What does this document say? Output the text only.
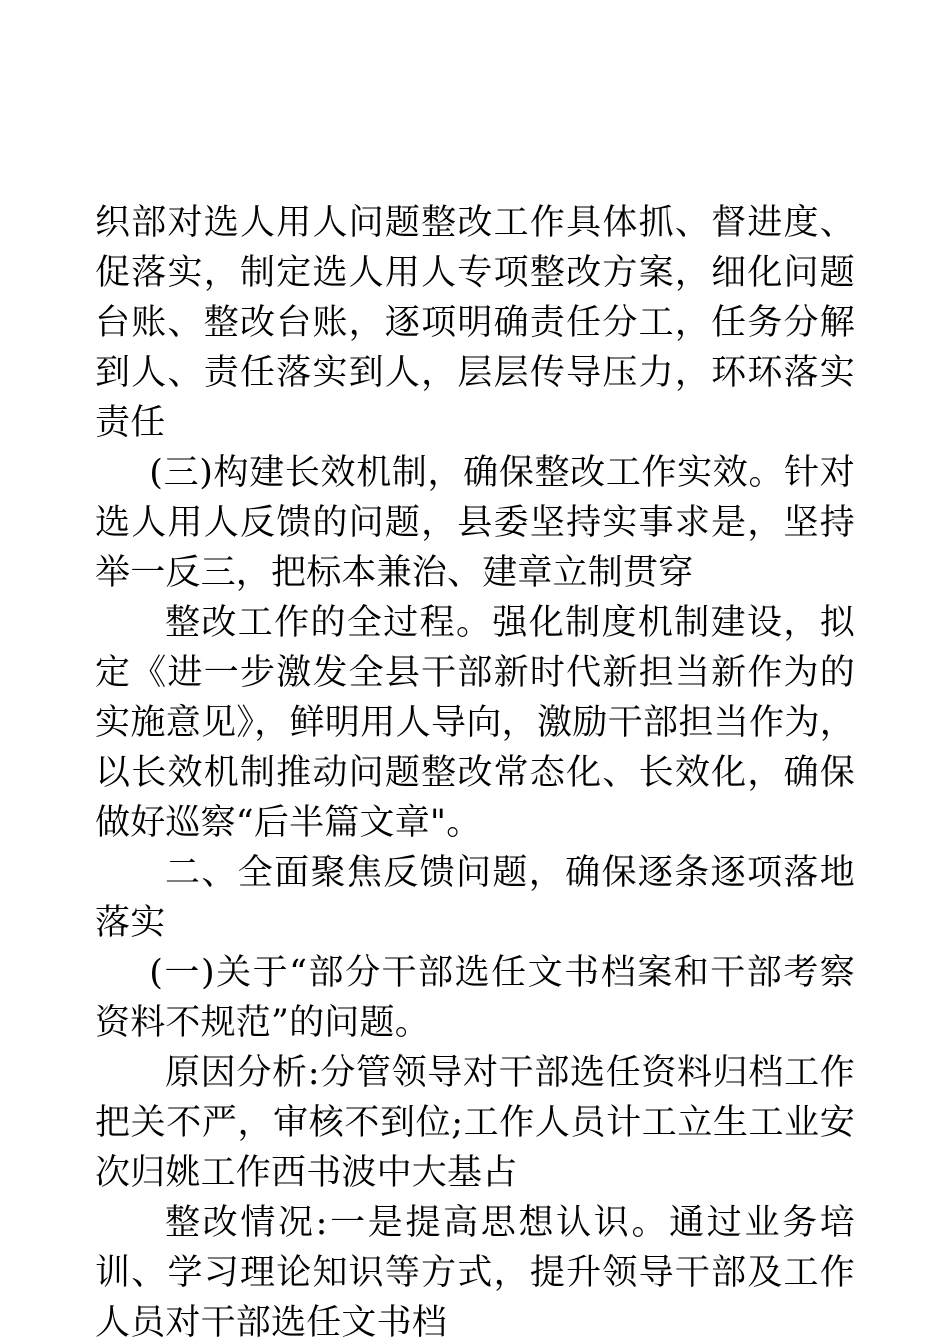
织部对选人用人问题整改工作具体抓、督进度、促落实，制定选人用人专项整改方案，细化问题台账、整改台账，逐项明确责任分工，任务分解到人、责任落实到人，层层传导压力，环环落实责任

(三)构建长效机制，确保整改工作实效。针对选人用人反馈的问题，县委坚持实事求是，坚持举一反三，把标本兼治、建章立制贯穿

整改工作的全过程。强化制度机制建设，拟定《进一步激发全县干部新时代新担当新作为的实施意见》，鲜明用人导向，激励干部担当作为，以长效机制推动问题整改常态化、长效化，确保做好巡察“后半篇文章"。

二、全面聚焦反馈问题，确保逐条逐项落地落实

(一)关于“部分干部选任文书档案和干部考察资料不规范”的问题。

原因分析:分管领导对干部选任资料归档工作把关不严，审核不到位;工作人员计工立生工业安次归姚工作西书波中大基占

整改情况:一是提高思想认识。通过业务培训、学习理论知识等方式，提升领导干部及工作人员对干部选任文书档
